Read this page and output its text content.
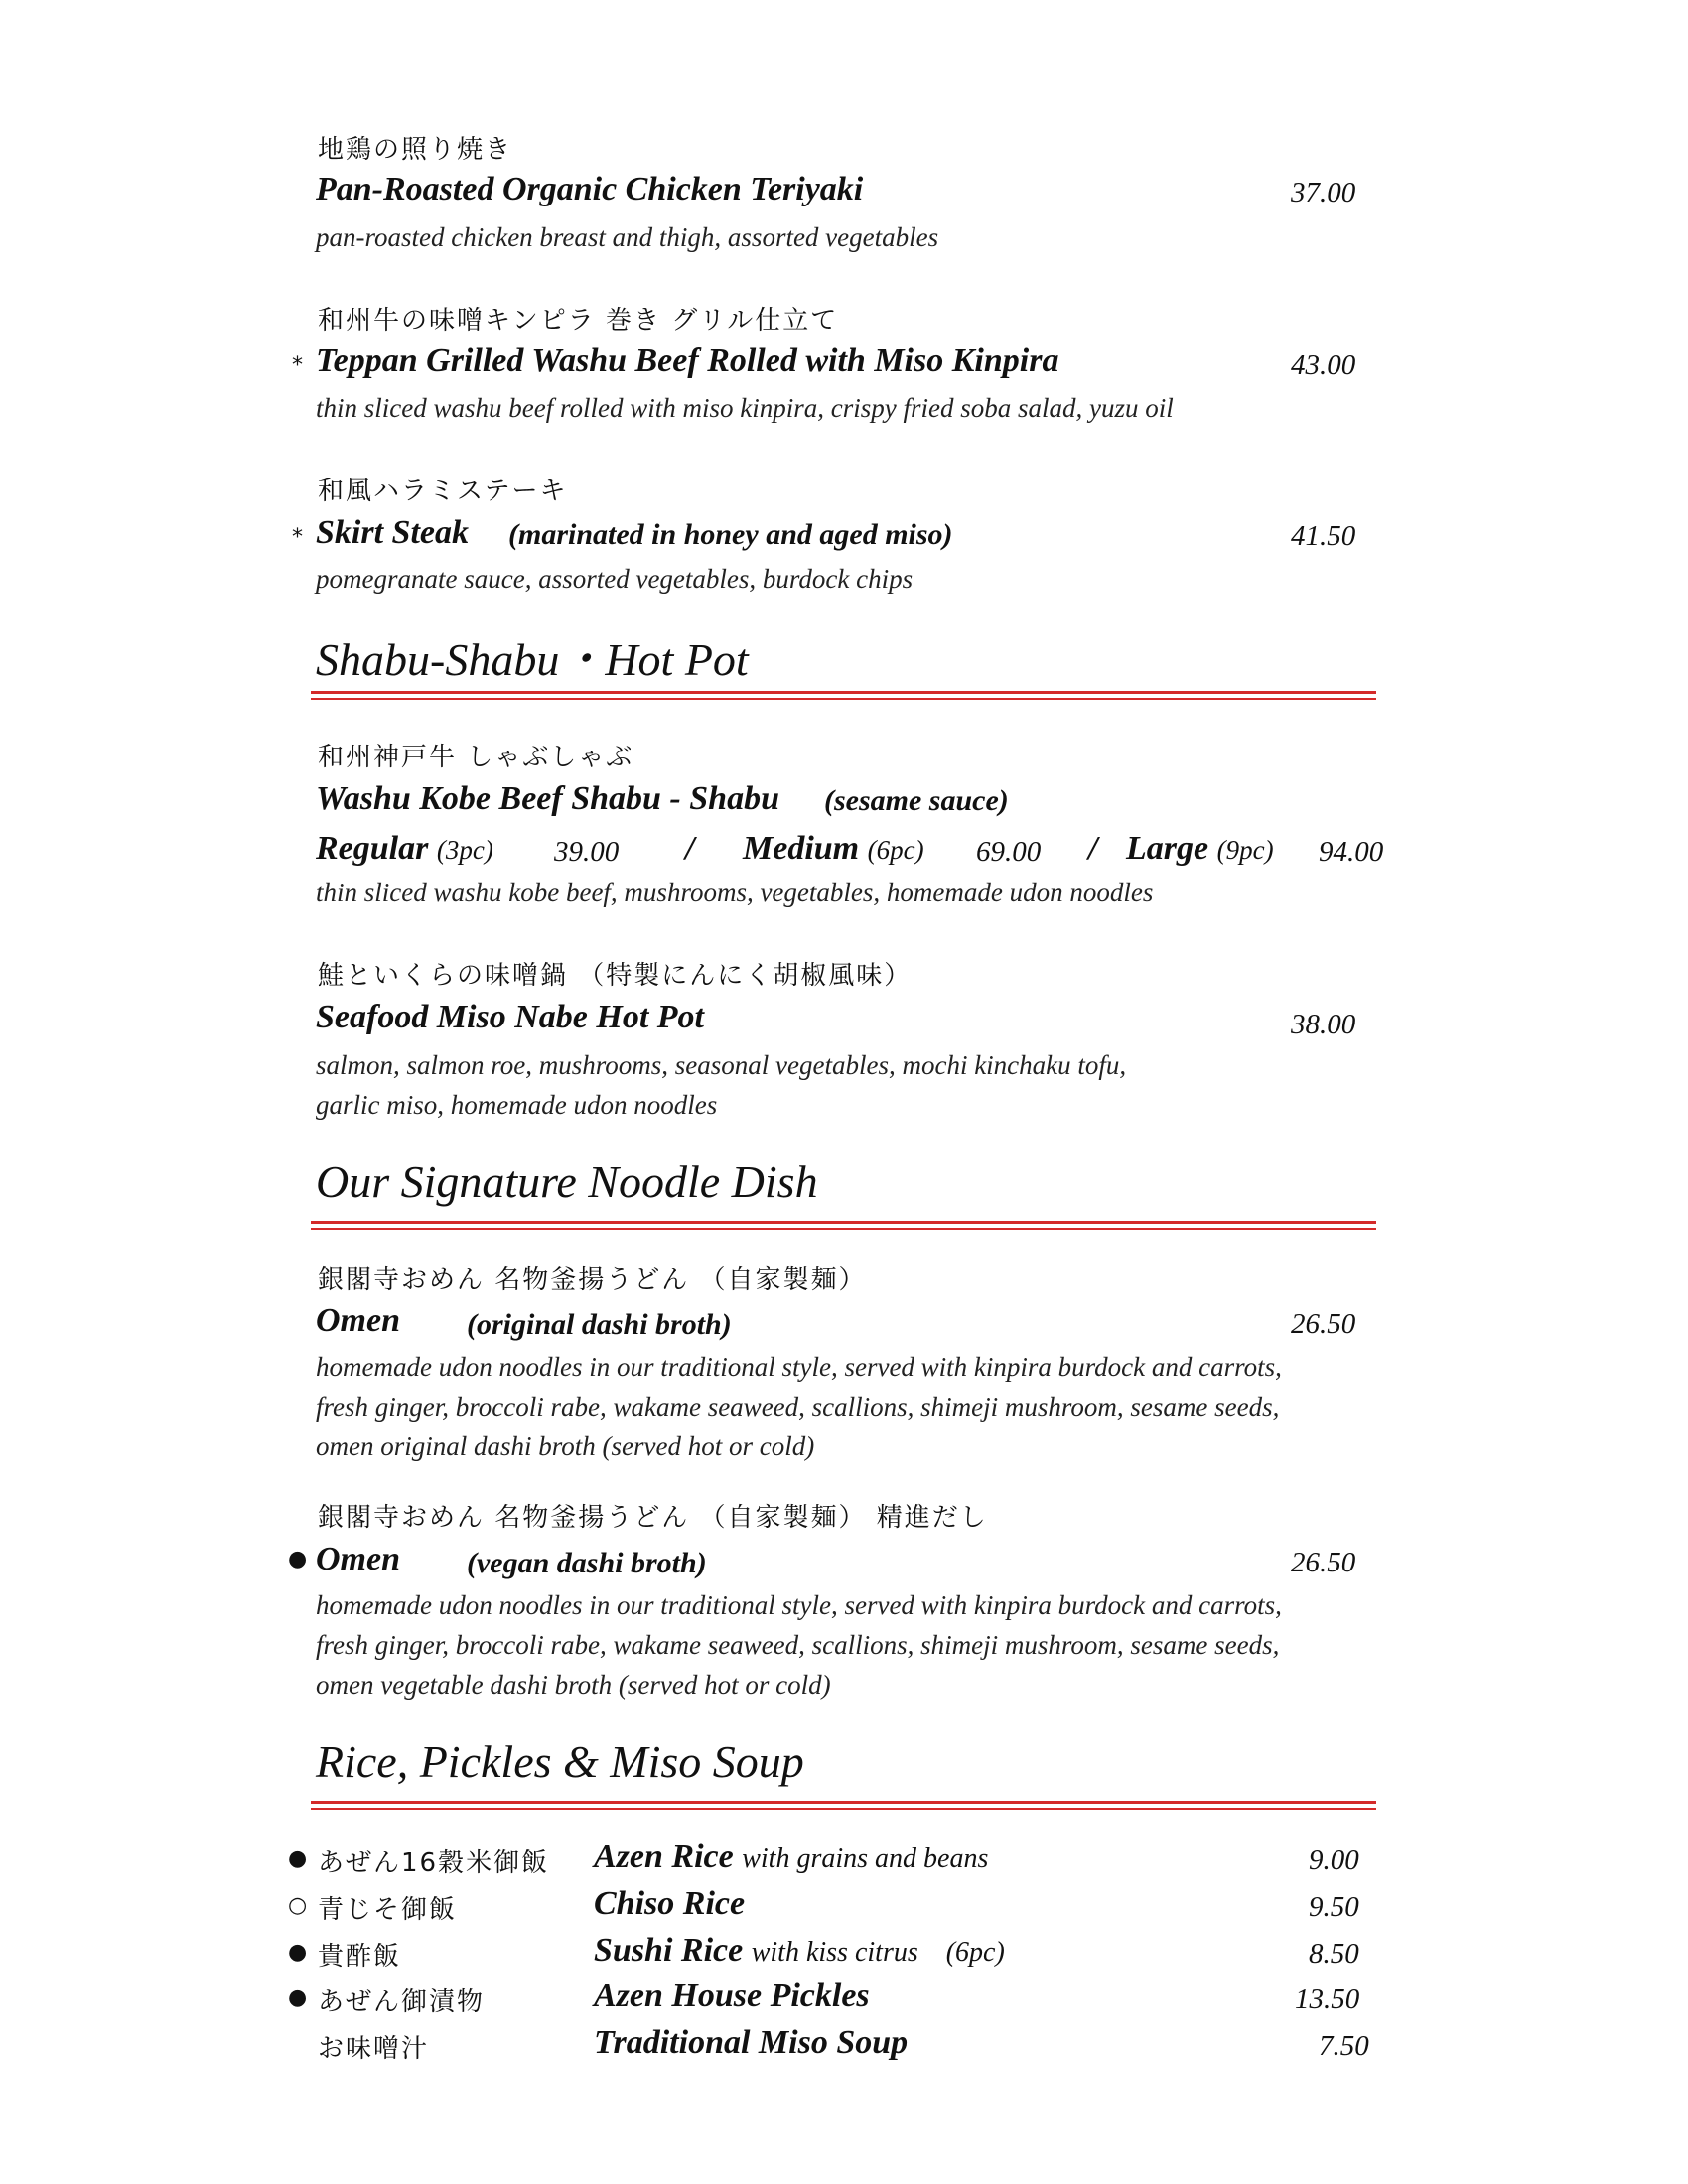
地鶏の照り焼き
Pan-Roasted Organic Chicken Teriyaki	37.00
pan-roasted chicken breast and thigh, assorted vegetables
和州牛の味噌キンピラ 巻き グリル仕立て
* Teppan Grilled Washu Beef Rolled with Miso Kinpira	43.00
thin sliced washu beef rolled with miso kinpira, crispy fried soba salad, yuzu oil
和風ハラミステーキ
* Skirt Steak (marinated in honey and aged miso)	41.50
pomegranate sauce, assorted vegetables, burdock chips
Shabu-Shabu・Hot Pot
和州神戸牛 しゃぶしゃぶ
Washu Kobe Beef Shabu - Shabu (sesame sauce)
Regular (3pc) 39.00 / Medium (6pc) 69.00 / Large (9pc) 94.00
thin sliced washu kobe beef, mushrooms, vegetables, homemade udon noodles
鮭といくらの味噌鍋 （特製にんにく胡椒風味）
Seafood Miso Nabe Hot Pot	38.00
salmon, salmon roe, mushrooms, seasonal vegetables, mochi kinchaku tofu,
garlic miso, homemade udon noodles
Our Signature Noodle Dish
銀閣寺おめん 名物釜揚うどん （自家製麺）
Omen (original dashi broth)	26.50
homemade udon noodles in our traditional style, served with kinpira burdock and carrots,
fresh ginger, broccoli rabe, wakame seaweed, scallions, shimeji mushroom, sesame seeds,
omen original dashi broth (served hot or cold)
銀閣寺おめん 名物釜揚うどん （自家製麺） 精進だし
● Omen (vegan dashi broth)	26.50
homemade udon noodles in our traditional style, served with kinpira burdock and carrots,
fresh ginger, broccoli rabe, wakame seaweed, scallions, shimeji mushroom, sesame seeds,
omen vegetable dashi broth (served hot or cold)
Rice, Pickles & Miso Soup
● あぜん16穀米御飯 Azen Rice with grains and beans	9.00
○ 青じそ御飯	Chiso Rice	9.50
● 貴酢飯	Sushi Rice with kiss citrus    (6pc)	8.50
● あぜん御漬物	Azen House Pickles	13.50
お味噌汁	Traditional Miso Soup	7.50
